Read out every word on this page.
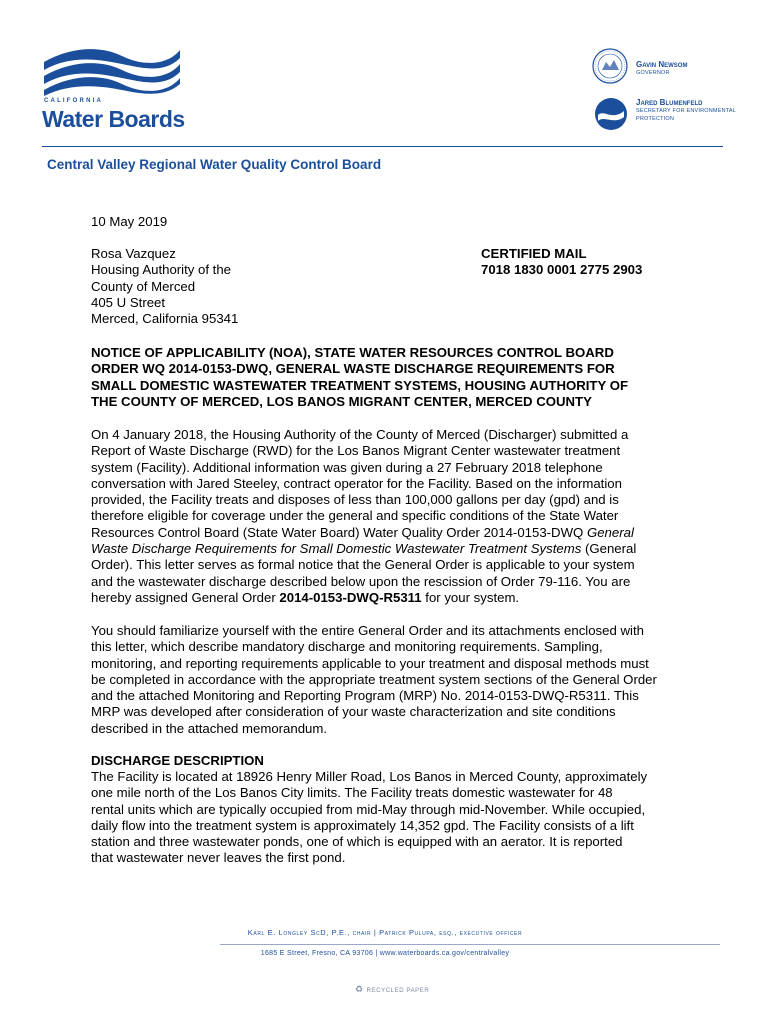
CALIFORNIA
Water Boards
Gavin Newsom
GOVERNOR
Jared Blumenfeld
SECRETARY FOR ENVIRONMENTAL PROTECTION
Central Valley Regional Water Quality Control Board
10 May 2019
Rosa Vazquez
Housing Authority of the
County of Merced
405 U Street
Merced, California 95341
CERTIFIED MAIL
7018 1830 0001 2775 2903
NOTICE OF APPLICABILITY (NOA), STATE WATER RESOURCES CONTROL BOARD
ORDER WQ 2014-0153-DWQ, GENERAL WASTE DISCHARGE REQUIREMENTS FOR
SMALL DOMESTIC WASTEWATER TREATMENT SYSTEMS, HOUSING AUTHORITY OF
THE COUNTY OF MERCED, LOS BANOS MIGRANT CENTER, MERCED COUNTY
On 4 January 2018, the Housing Authority of the County of Merced (Discharger) submitted a
Report of Waste Discharge (RWD) for the Los Banos Migrant Center wastewater treatment
system (Facility). Additional information was given during a 27 February 2018 telephone
conversation with Jared Steeley, contract operator for the Facility. Based on the information
provided, the Facility treats and disposes of less than 100,000 gallons per day (gpd) and is
therefore eligible for coverage under the general and specific conditions of the State Water
Resources Control Board (State Water Board) Water Quality Order 2014-0153-DWQ General
Waste Discharge Requirements for Small Domestic Wastewater Treatment Systems (General
Order). This letter serves as formal notice that the General Order is applicable to your system
and the wastewater discharge described below upon the rescission of Order 79-116. You are
hereby assigned General Order 2014-0153-DWQ-R5311 for your system.
You should familiarize yourself with the entire General Order and its attachments enclosed with
this letter, which describe mandatory discharge and monitoring requirements. Sampling,
monitoring, and reporting requirements applicable to your treatment and disposal methods must
be completed in accordance with the appropriate treatment system sections of the General Order
and the attached Monitoring and Reporting Program (MRP) No. 2014-0153-DWQ-R5311. This
MRP was developed after consideration of your waste characterization and site conditions
described in the attached memorandum.
DISCHARGE DESCRIPTION
The Facility is located at 18926 Henry Miller Road, Los Banos in Merced County, approximately
one mile north of the Los Banos City limits. The Facility treats domestic wastewater for 48
rental units which are typically occupied from mid-May through mid-November. While occupied,
daily flow into the treatment system is approximately 14,352 gpd. The Facility consists of a lift
station and three wastewater ponds, one of which is equipped with an aerator. It is reported
that wastewater never leaves the first pond.
Karl E. Longley ScD, P.E., chair | Patrick Pulupa, esq., executive officer
1685 E Street, Fresno, CA 93706 | www.waterboards.ca.gov/centralvalley
♻ RECYCLED PAPER
